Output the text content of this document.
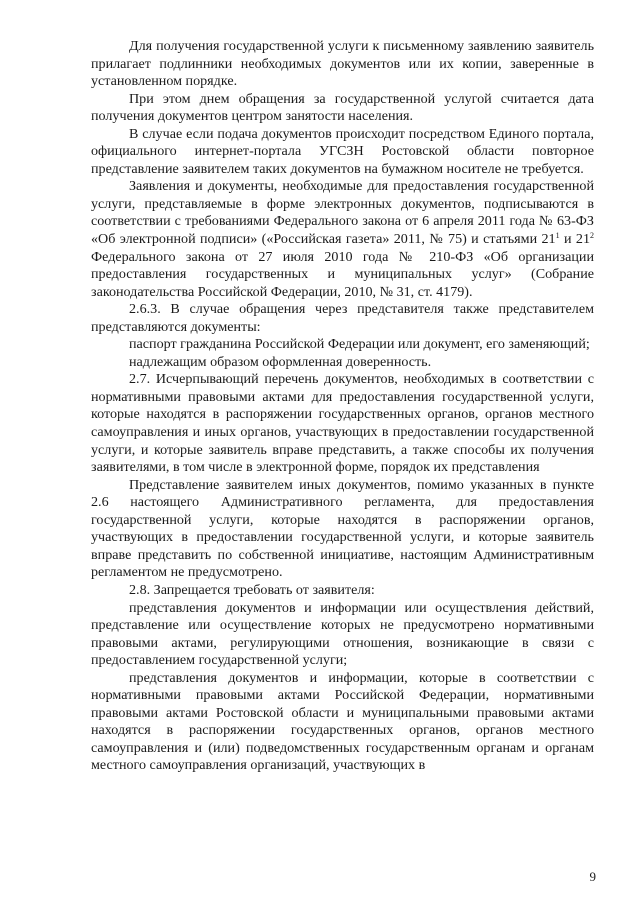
Для получения государственной услуги к письменному заявлению заявитель прилагает подлинники необходимых документов или их копии, заверенные в установленном порядке.

При этом днем обращения за государственной услугой считается дата получения документов центром занятости населения.

В случае если подача документов происходит посредством Единого портала, официального интернет-портала УГСЗН Ростовской области повторное представление заявителем таких документов на бумажном носителе не требуется.

Заявления и документы, необходимые для предоставления государственной услуги, представляемые в форме электронных документов, подписываются в соответствии с требованиями Федерального закона от 6 апреля 2011 года № 63-ФЗ «Об электронной подписи» («Российская газета» 2011, № 75) и статьями $21^1$ и $21^2$ Федерального закона от 27 июля 2010 года № 210-ФЗ «Об организации предоставления государственных и муниципальных услуг» (Собрание законодательства Российской Федерации, 2010, № 31, ст. 4179).

2.6.3. В случае обращения через представителя также представителем представляются документы:

паспорт гражданина Российской Федерации или документ, его заменяющий;

надлежащим образом оформленная доверенность.

2.7. Исчерпывающий перечень документов, необходимых в соответствии с нормативными правовыми актами для предоставления государственной услуги, которые находятся в распоряжении государственных органов, органов местного самоуправления и иных органов, участвующих в предоставлении государственной услуги, и которые заявитель вправе представить, а также способы их получения заявителями, в том числе в электронной форме, порядок их представления

Представление заявителем иных документов, помимо указанных в пункте 2.6 настоящего Административного регламента, для предоставления государственной услуги, которые находятся в распоряжении органов, участвующих в предоставлении государственной услуги, и которые заявитель вправе представить по собственной инициативе, настоящим Административным регламентом не предусмотрено.

2.8. Запрещается требовать от заявителя:

представления документов и информации или осуществления действий, представление или осуществление которых не предусмотрено нормативными правовыми актами, регулирующими отношения, возникающие в связи с предоставлением государственной услуги;

представления документов и информации, которые в соответствии с нормативными правовыми актами Российской Федерации, нормативными правовыми актами Ростовской области и муниципальными правовыми актами находятся в распоряжении государственных органов, органов местного самоуправления и (или) подведомственных государственным органам и органам местного самоуправления организаций, участвующих в

9
